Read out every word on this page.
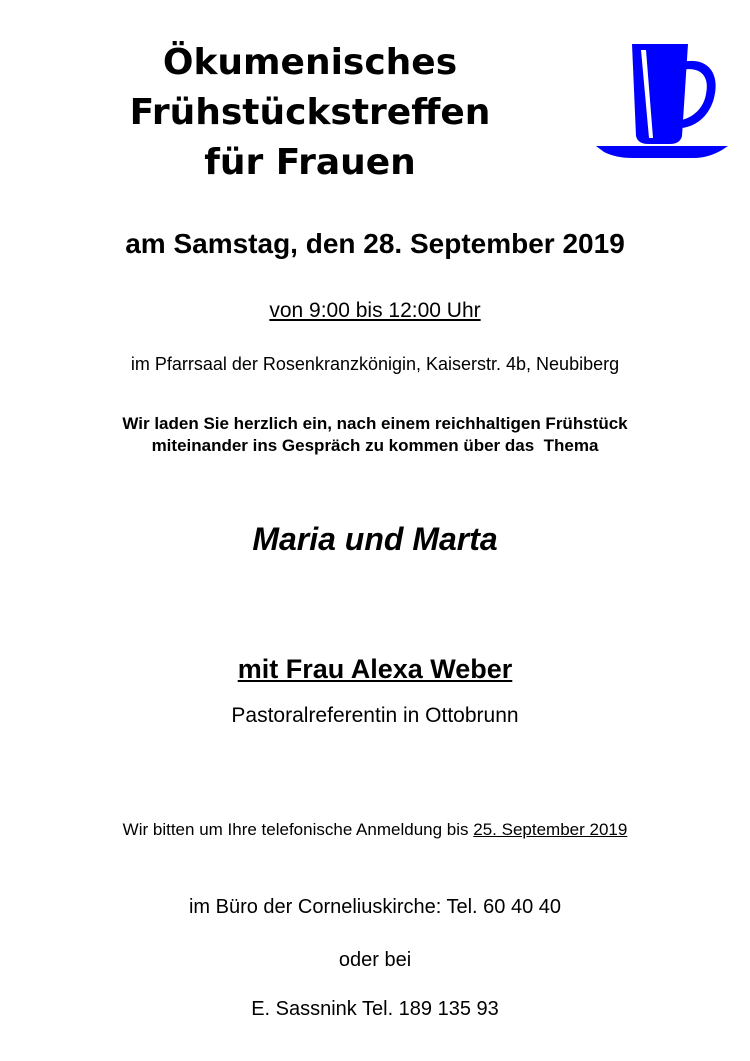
Ökumenisches
Frühstückstreffen
für Frauen
am Samstag, den 28. September 2019
von 9:00 bis 12:00 Uhr
im Pfarrsaal der Rosenkranzkönigin, Kaiserstr. 4b, Neubiberg
Wir laden Sie herzlich ein, nach einem reichhaltigen Frühstück
miteinander ins Gespräch zu kommen über das  Thema
Maria und Marta
mit Frau Alexa Weber
Pastoralreferentin in Ottobrunn
Wir bitten um Ihre telefonische Anmeldung bis 25. September 2019
im Büro der Corneliuskirche: Tel. 60 40 40
oder bei
E. Sassnink Tel. 189 135 93
